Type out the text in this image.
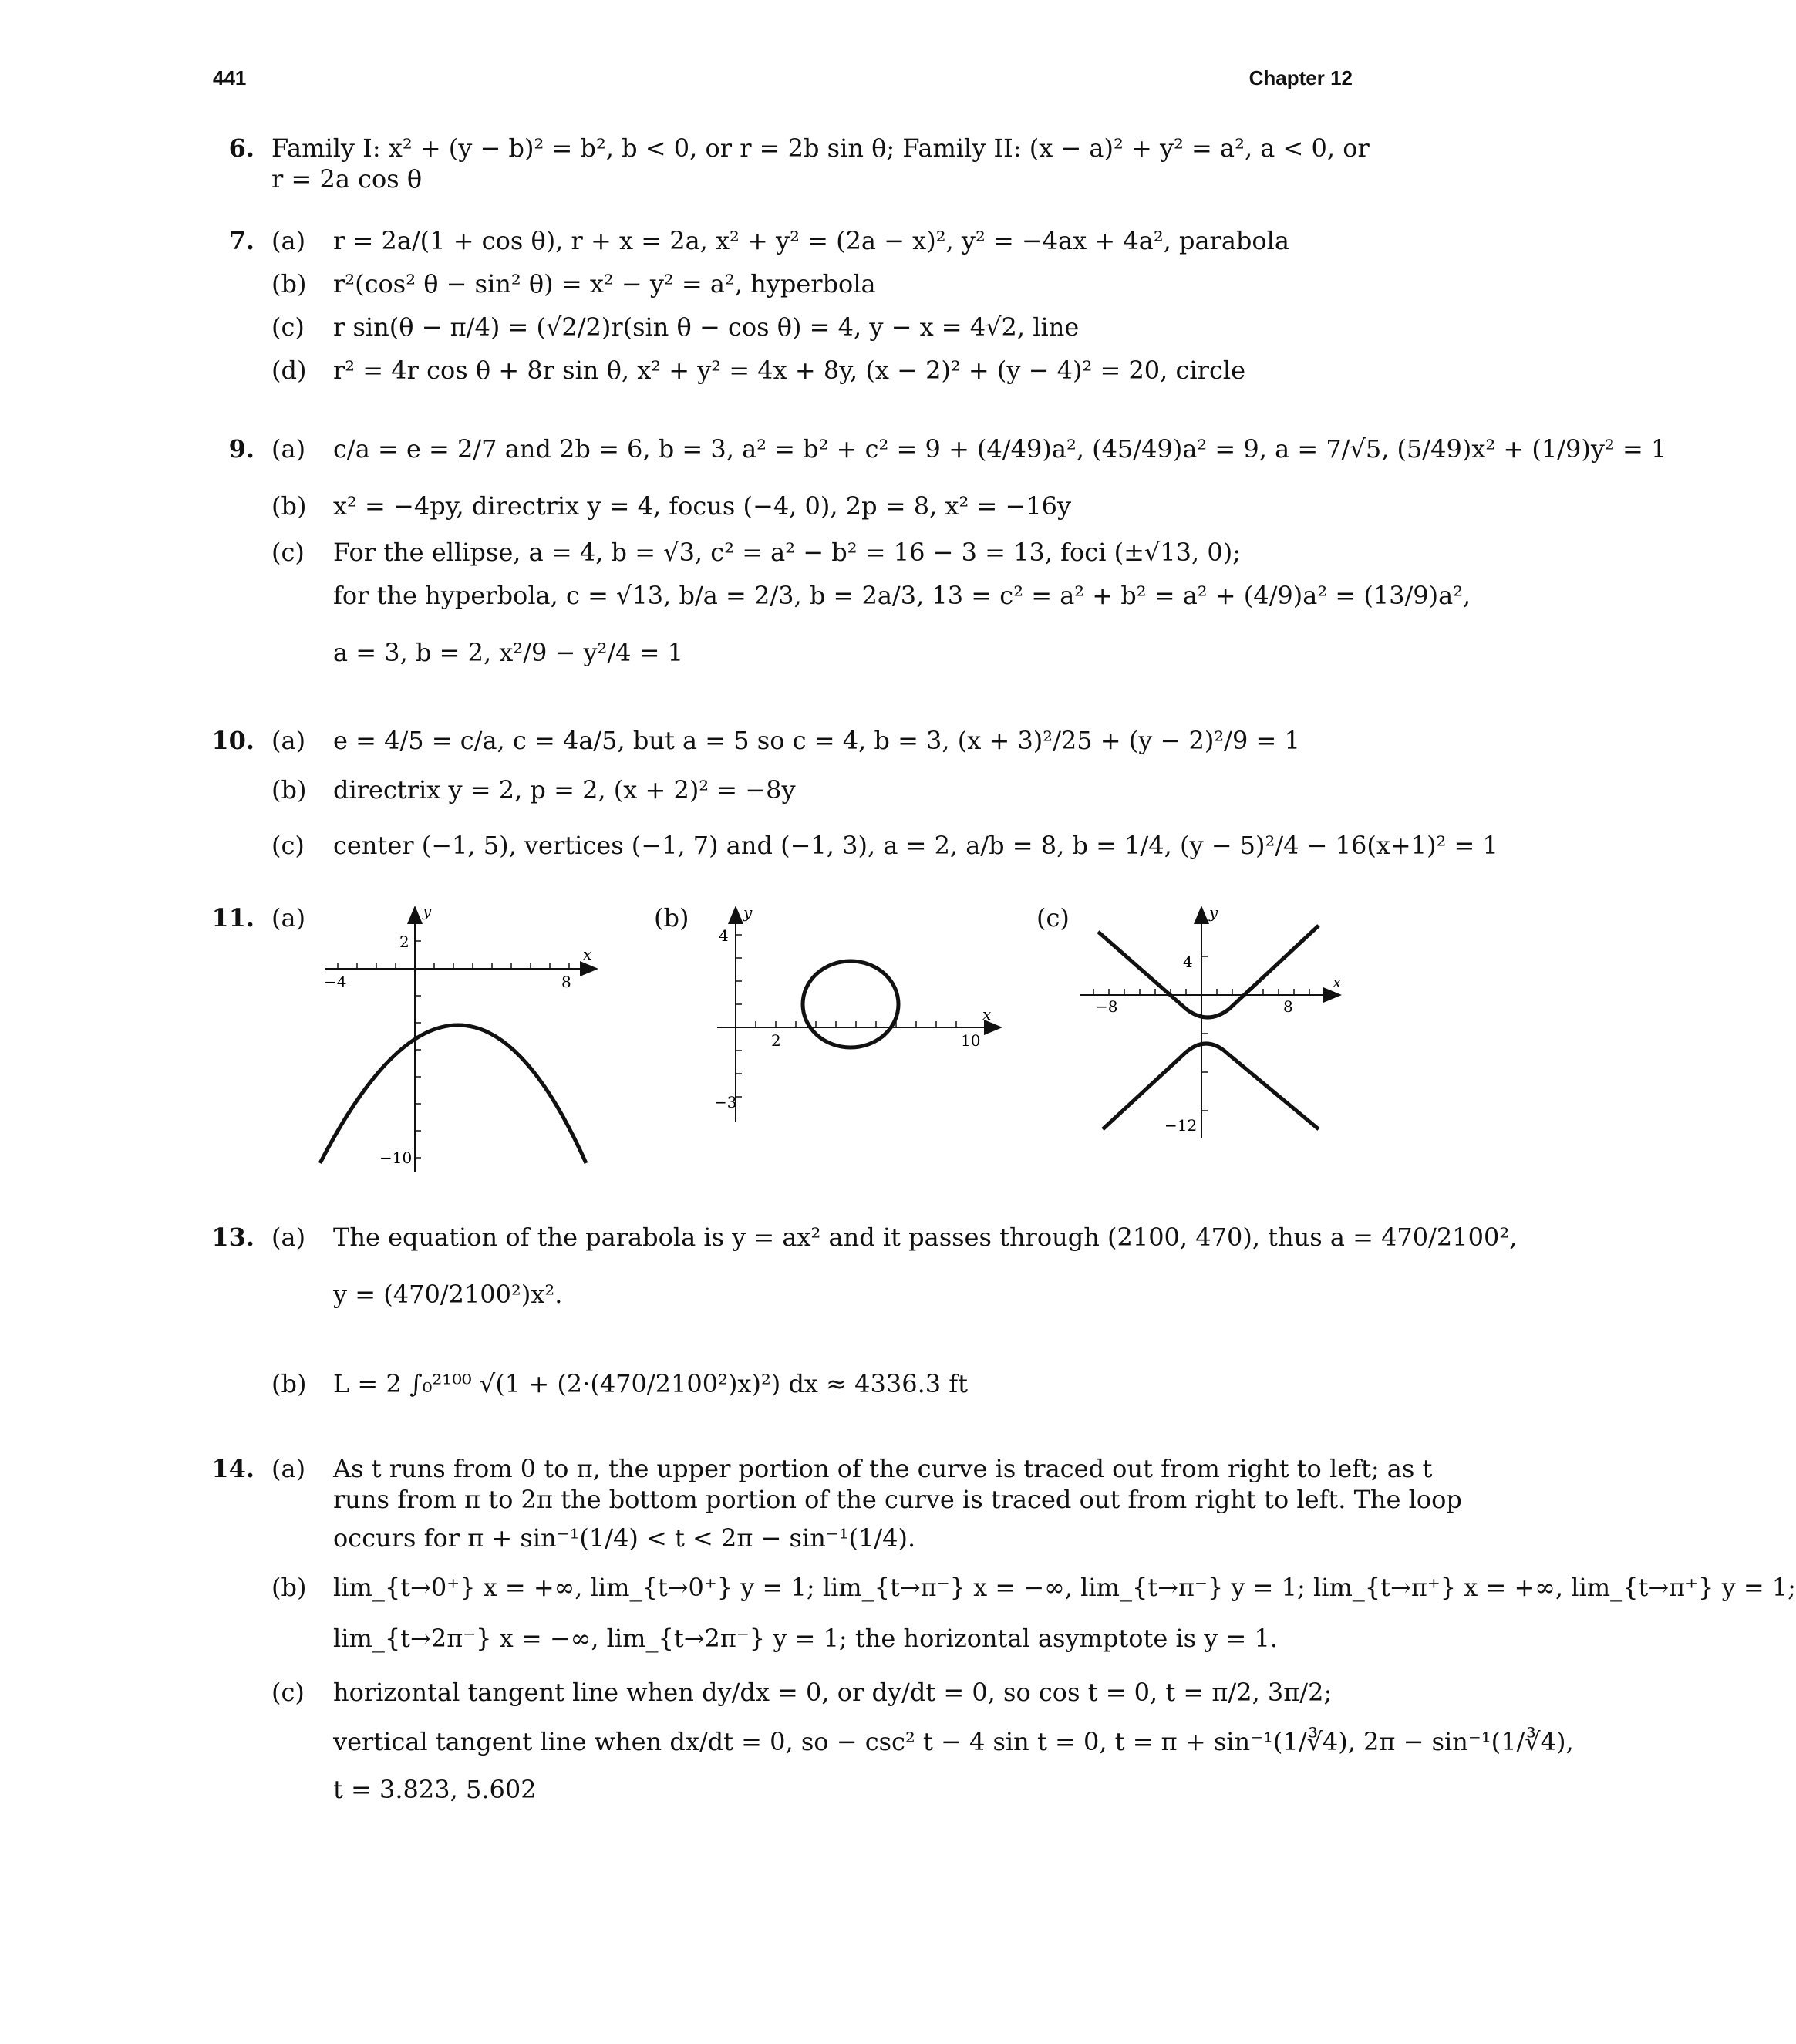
441	Chapter 12
6. Family I: x² + (y − b)² = b², b < 0, or r = 2b sin θ; Family II: (x − a)² + y² = a², a < 0, or
r = 2a cos θ
7. (a) r = 2a/(1 + cos θ), r + x = 2a, x² + y² = (2a − x)², y² = −4ax + 4a², parabola
(b) r²(cos² θ − sin² θ) = x² − y² = a², hyperbola
(c) r sin(θ − π/4) = (√2/2)r(sin θ − cos θ) = 4, y − x = 4√2, line
(d) r² = 4r cos θ + 8r sin θ, x² + y² = 4x + 8y, (x − 2)² + (y − 4)² = 20, circle
9. (a) c/a = e = 2/7 and 2b = 6, b = 3, a² = b² + c² = 9 + (4/49)a², (45/49)a² = 9, a = 7/√5, (5/49)x² + (1/9)y² = 1
(b) x² = −4py, directrix y = 4, focus (−4, 0), 2p = 8, x² = −16y
(c) For the ellipse, a = 4, b = √3, c² = a² − b² = 16 − 3 = 13, foci (±√13, 0);
for the hyperbola, c = √13, b/a = 2/3, b = 2a/3, 13 = c² = a² + b² = a² + (4/9)a² = (13/9)a²,
a = 3, b = 2, x²/9 − y²/4 = 1
10. (a) e = 4/5 = c/a, c = 4a/5, but a = 5 so c = 4, b = 3, (x + 3)²/25 + (y − 2)²/9 = 1
(b) directrix y = 2, p = 2, (x + 2)² = −8y
(c) center (−1, 5), vertices (−1, 7) and (−1, 3), a = 2, a/b = 8, b = 1/4, (y − 5)²/4 − 16(x+1)² = 1
11. (a)	(b)	(c)
y
x
2
−4	8
−10
y
x
4
2	10
−3
y
x
4
−8	8
−12
13. (a) The equation of the parabola is y = ax² and it passes through (2100, 470), thus a = 470/2100²,
y = (470/2100²)x².
(b) L = 2 ∫₀²¹⁰⁰ √(1 + (2·(470/2100²)x)²) dx ≈ 4336.3 ft
14. (a) As t runs from 0 to π, the upper portion of the curve is traced out from right to left; as t
runs from π to 2π the bottom portion of the curve is traced out from right to left. The loop
occurs for π + sin⁻¹(1/4) < t < 2π − sin⁻¹(1/4).
(b) lim_{t→0⁺} x = +∞, lim_{t→0⁺} y = 1; lim_{t→π⁻} x = −∞, lim_{t→π⁻} y = 1; lim_{t→π⁺} x = +∞, lim_{t→π⁺} y = 1;
lim_{t→2π⁻} x = −∞, lim_{t→2π⁻} y = 1; the horizontal asymptote is y = 1.
(c) horizontal tangent line when dy/dx = 0, or dy/dt = 0, so cos t = 0, t = π/2, 3π/2;
vertical tangent line when dx/dt = 0, so − csc² t − 4 sin t = 0, t = π + sin⁻¹(1/∛4), 2π − sin⁻¹(1/∛4),
t = 3.823, 5.602
